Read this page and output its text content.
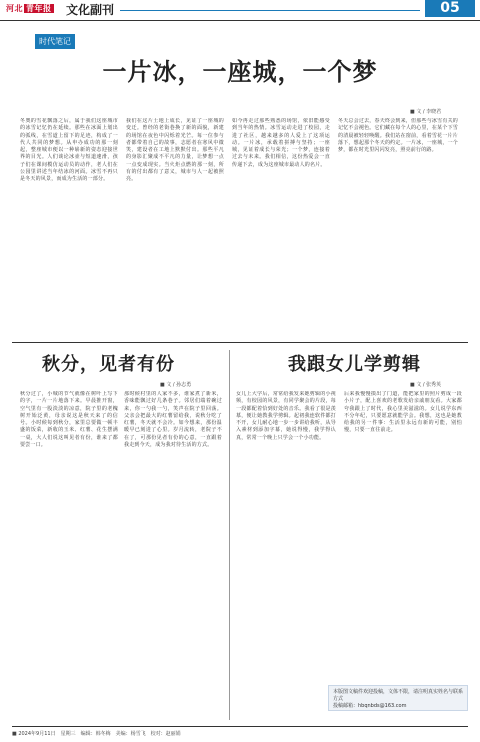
河北 青年报 文化副刊	05
时代笔记
一片冰，一座城，一个梦
■ 文 / 李晓君
冬奥的雪花飘落之后，属于我们这座城市的冰雪记忆仍在延续。那些在冰面上划出的弧线，在雪道上留下的足迹，构成了一代人共同的梦想。从申办成功的那一刻起，整座城市便以一种崭新的姿态迎接世界的目光。人们谈论冰壶与短道速滑，孩子们在课间模仿运动员的动作，老人们在公园里讲述当年结冰的河面。冰雪不再只是冬天的风景，而成为生活的一部分。
我们在这片土地上成长，见证了一座城的变迁。曾经的老街巷换了新的面貌，新建的场馆在夜色中闪烁着光芒。每一位参与者都带着自己的故事，志愿者在寒风中微笑，建设者在工地上默默付出。那些平凡的身影汇聚成不平凡的力量，让梦想一点一点变成现实。当火炬点燃的那一刻，所有的付出都有了意义，城市与人一起被照亮。
如今再走过那些熟悉的场馆，依旧能感受到当年的热情。冰雪运动走进了校园，走进了社区，越来越多的人爱上了这项运动。一片冰，承载着拼搏与坚持；一座城，见证着成长与荣光；一个梦，连接着过去与未来。我们相信，这份热爱会一直传递下去，成为这座城市最动人的名片。
冬天总会过去，春天终会到来，但那些与冰雪有关的记忆不会褪色。它们藏在每个人的心里，在某个下雪的清晨被轻轻唤醒。我们站在窗前，看着雪花一片片落下，想起那个冬天的约定。一片冰，一座城，一个梦，都在时光里闪闪发亮，照亮前行的路。
秋分，见者有份
■ 文 / 孙志勇
秋分过了，小城的节气就像在树叶上写下的字，一片一片地落下来。早晨推开窗，空气里有一股淡淡的凉意，院子里的老槐树开始泛黄，母亲说这是秋天来了的信号。小时候每到秋分，家里总要做一顿丰盛的饭菜，新收的玉米、红薯、花生摆满一桌，大人们说这叫见者有份，谁来了都要尝一口。
那时候村里的人家不多，谁家煮了新米，香味能飘过好几条巷子。邻居们端着碗过来，你一勺我一勺，笑声在院子里回荡。父亲会把最大的红薯留给我，说秋分吃了红薯，冬天就不会冷。如今想来，那份温暖早已刻进了心里。岁月流转，老院子不在了，可那份见者有份的心意，一直跟着我走到今天，成为我对待生活的方式。
我跟女儿学剪辑
■ 文 / 张秀英
女儿上大学后，常常给我发来她剪辑的小视频，有校园的风景，有同学聚会的片段，每一段都配着恰到好处的音乐。我看了很是羡慕，便让她教我学剪辑。起初我连软件都打不开，女儿耐心地一步一步讲给我听，从导入素材到添加字幕，她说得慢，我学得认真，常常一个晚上只学会一个小功能。
后来我慢慢摸出了门道，能把家里的照片剪成一段小片子，配上喜欢的老歌发给亲戚朋友看。大家都夸我跟上了时代，我心里美滋滋的。女儿说学东西不分年纪，只要愿意就能学会。我想，这也是她教给我的另一件事：生活里永远有新的可能，别怕慢，只要一直往前走。
本版图文稿件欢迎投稿，文体不限，请注明真实姓名与联系方式
投稿邮箱：hbqnbds@163.com
■ 2024年9月11日　星期三　编辑：韩冬梅　美编：杨雪飞　校对：赵丽娟
